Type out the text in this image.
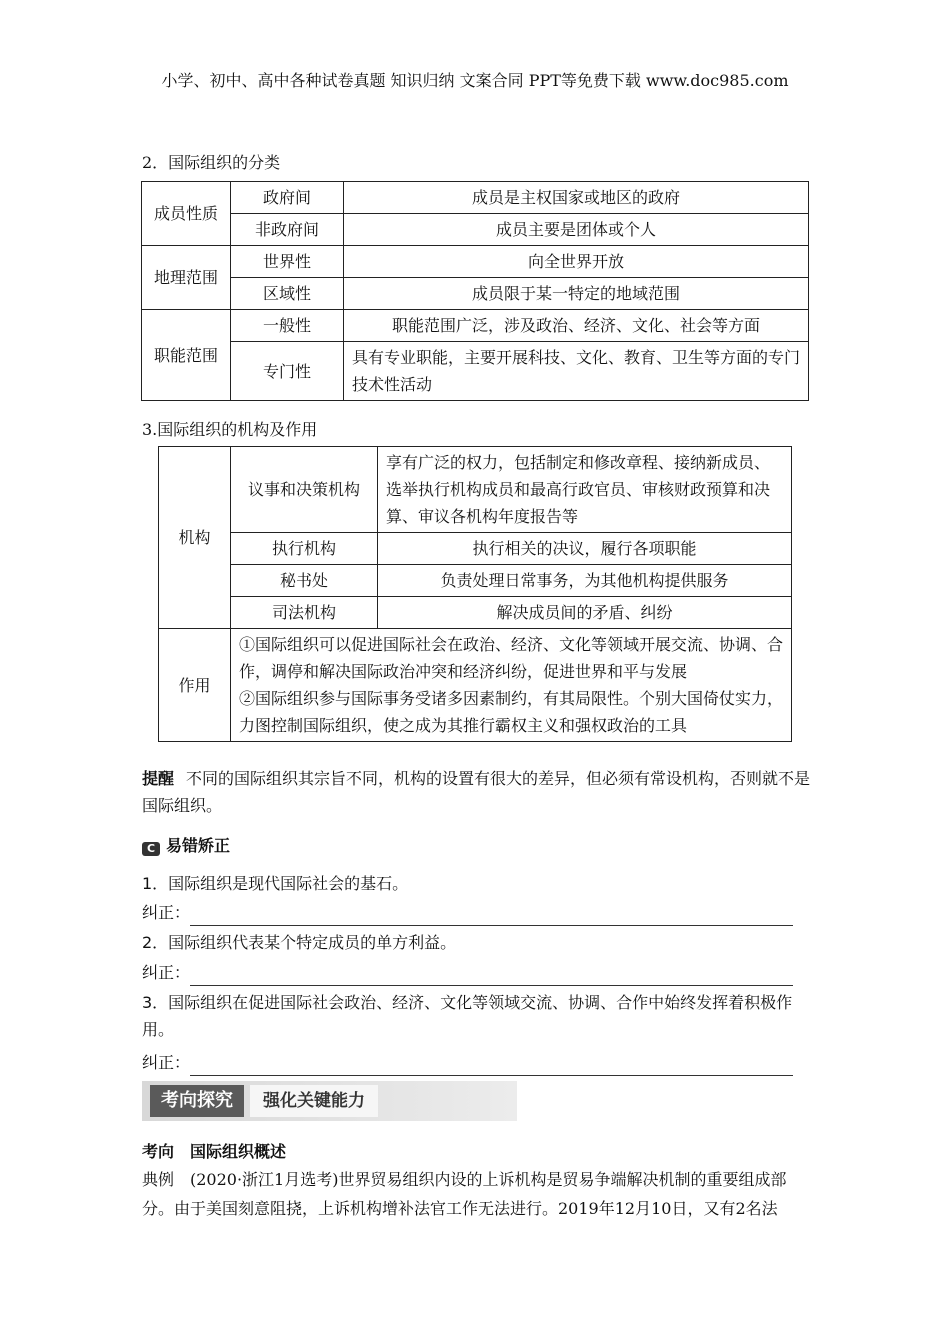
小学、初中、高中各种试卷真题 知识归纳 文案合同 PPT等免费下载 www.doc985.com
2．国际组织的分类
成员性质	政府间	成员是主权国家或地区的政府
	非政府间	成员主要是团体或个人
地理范围	世界性	向全世界开放
	区域性	成员限于某一特定的地域范围
职能范围	一般性	职能范围广泛，涉及政治、经济、文化、社会等方面
	专门性	具有专业职能，主要开展科技、文化、教育、卫生等方面的专门技术性活动
3.国际组织的机构及作用
机构	议事和决策机构	享有广泛的权力，包括制定和修改章程、接纳新成员、选举执行机构成员和最高行政官员、审核财政预算和决算、审议各机构年度报告等
	执行机构	执行相关的决议，履行各项职能
	秘书处	负责处理日常事务，为其他机构提供服务
	司法机构	解决成员间的矛盾、纠纷
作用	①国际组织可以促进国际社会在政治、经济、文化等领域开展交流、协调、合作，调停和解决国际政治冲突和经济纠纷，促进世界和平与发展
②国际组织参与国际事务受诸多因素制约，有其局限性。个别大国倚仗实力，力图控制国际组织，使之成为其推行霸权主义和强权政治的工具	
提醒 不同的国际组织其宗旨不同，机构的设置有很大的差异，但必须有常设机构，否则就不是国际组织。
C 易错矫正
1．国际组织是现代国际社会的基石。
纠正：
2．国际组织代表某个特定成员的单方利益。
纠正：
3．国际组织在促进国际社会政治、经济、文化等领域交流、协调、合作中始终发挥着积极作用。
纠正：
考向探究	强化关键能力
考向　国际组织概述
典例　(2020·浙江1月选考)世界贸易组织内设的上诉机构是贸易争端解决机制的重要组成部分。由于美国刻意阻挠，上诉机构增补法官工作无法进行。2019年12月10日，又有2名法
